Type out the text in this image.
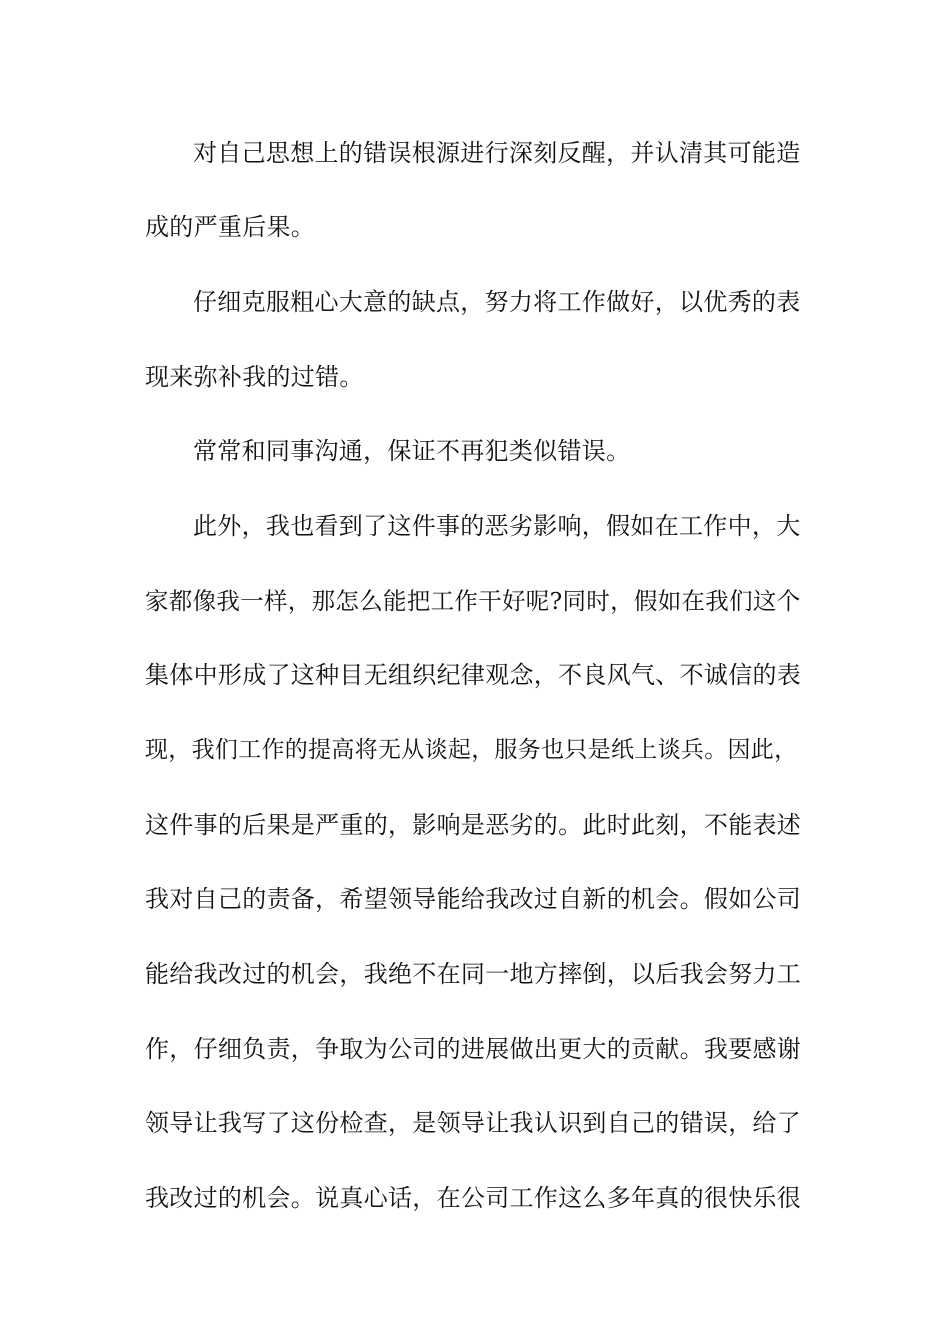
对自己思想上的错误根源进行深刻反醒，并认清其可能造
成的严重后果。
仔细克服粗心大意的缺点，努力将工作做好，以优秀的表
现来弥补我的过错。
常常和同事沟通，保证不再犯类似错误。
此外，我也看到了这件事的恶劣影响，假如在工作中，大
家都像我一样，那怎么能把工作干好呢?同时，假如在我们这个
集体中形成了这种目无组织纪律观念，不良风气、不诚信的表
现，我们工作的提高将无从谈起，服务也只是纸上谈兵。因此，
这件事的后果是严重的，影响是恶劣的。此时此刻，不能表述
我对自己的责备，希望领导能给我改过自新的机会。假如公司
能给我改过的机会，我绝不在同一地方摔倒，以后我会努力工
作，仔细负责，争取为公司的进展做出更大的贡献。我要感谢
领导让我写了这份检查，是领导让我认识到自己的错误，给了
我改过的机会。说真心话，在公司工作这么多年真的很快乐很
